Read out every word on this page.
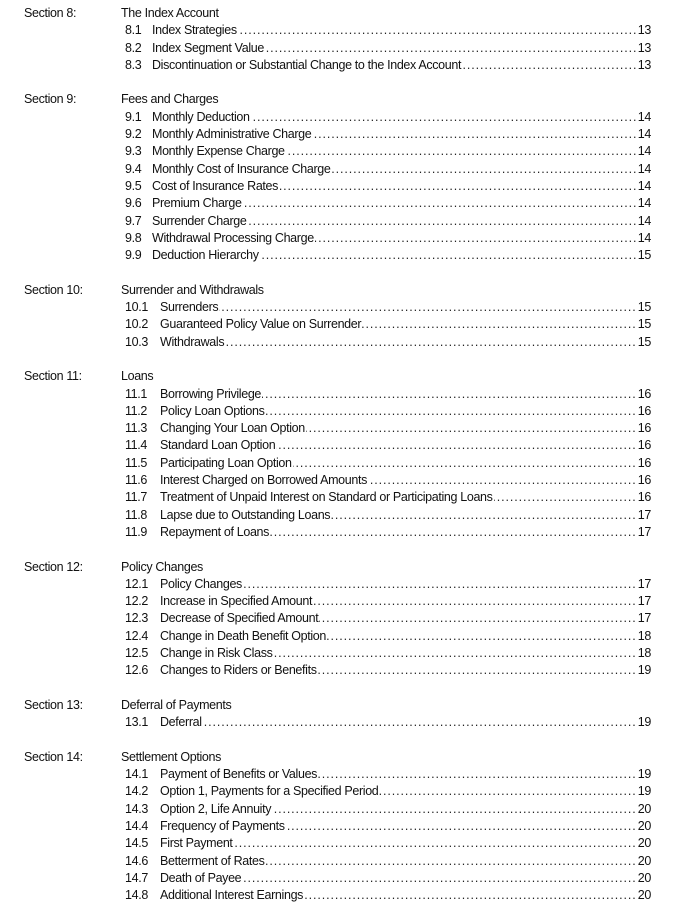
Section 8:	The Index Account
8.1 Index Strategies .....	13
8.2 Index Segment Value .....	13
8.3 Discontinuation or Substantial Change to the Index Account .....	13
Section 9:	Fees and Charges
9.1 Monthly Deduction .....	14
9.2 Monthly Administrative Charge .....	14
9.3 Monthly Expense Charge .....	14
9.4 Monthly Cost of Insurance Charge .....	14
9.5 Cost of Insurance Rates .....	14
9.6 Premium Charge .....	14
9.7 Surrender Charge .....	14
9.8 Withdrawal Processing Charge .....	14
9.9 Deduction Hierarchy .....	15
Section 10:	Surrender and Withdrawals
10.1 Surrenders .....	15
10.2 Guaranteed Policy Value on Surrender .....	15
10.3 Withdrawals .....	15
Section 11:	Loans
11.1 Borrowing Privilege .....	16
11.2 Policy Loan Options .....	16
11.3 Changing Your Loan Option .....	16
11.4 Standard Loan Option .....	16
11.5 Participating Loan Option .....	16
11.6 Interest Charged on Borrowed Amounts .....	16
11.7 Treatment of Unpaid Interest on Standard or Participating Loans .....	16
11.8 Lapse due to Outstanding Loans .....	17
11.9 Repayment of Loans .....	17
Section 12:	Policy Changes
12.1 Policy Changes .....	17
12.2 Increase in Specified Amount .....	17
12.3 Decrease of Specified Amount .....	17
12.4 Change in Death Benefit Option .....	18
12.5 Change in Risk Class .....	18
12.6 Changes to Riders or Benefits .....	19
Section 13:	Deferral of Payments
13.1 Deferral .....	19
Section 14:	Settlement Options
14.1 Payment of Benefits or Values .....	19
14.2 Option 1, Payments for a Specified Period .....	19
14.3 Option 2, Life Annuity .....	20
14.4 Frequency of Payments .....	20
14.5 First Payment .....	20
14.6 Betterment of Rates .....	20
14.7 Death of Payee .....	20
14.8 Additional Interest Earnings .....	20
